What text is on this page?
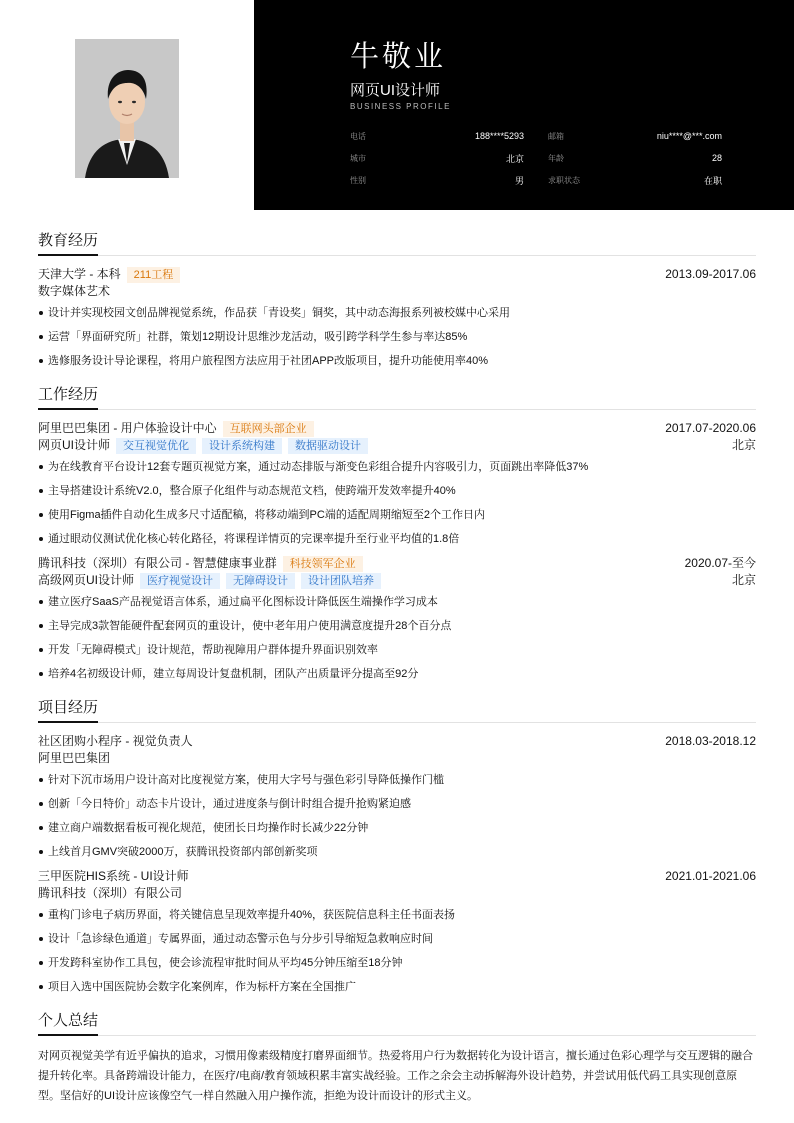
牛敬业
网页UI设计师
BUSINESS PROFILE
电话	188****5293	邮箱	niu****@***.com
城市	北京	年龄	28
性别	男	求职状态	在职
教育经历
天津大学 - 本科	211工程	2013.09-2017.06
数字媒体艺术
设计并实现校园文创品牌视觉系统，作品获「青设奖」铜奖，其中动态海报系列被校媒中心采用
运营「界面研究所」社群，策划12期设计思维沙龙活动，吸引跨学科学生参与率达85%
选修服务设计导论课程，将用户旅程图方法应用于社团APP改版项目，提升功能使用率40%
工作经历
阿里巴巴集团 - 用户体验设计中心	互联网头部企业	2017.07-2020.06
网页UI设计师	交互视觉优化	设计系统构建	数据驱动设计	北京
为在线教育平台设计12套专题页视觉方案，通过动态排版与渐变色彩组合提升内容吸引力，页面跳出率降低37%
主导搭建设计系统V2.0，整合原子化组件与动态规范文档，使跨端开发效率提升40%
使用Figma插件自动化生成多尺寸适配稿，将移动端到PC端的适配周期缩短至2个工作日内
通过眼动仪测试优化核心转化路径，将课程详情页的完课率提升至行业平均值的1.8倍
腾讯科技（深圳）有限公司 - 智慧健康事业群	科技领军企业	2020.07-至今
高级网页UI设计师	医疗视觉设计	无障碍设计	设计团队培养	北京
建立医疗SaaS产品视觉语言体系，通过扁平化图标设计降低医生端操作学习成本
主导完成3款智能硬件配套网页的重设计，使中老年用户使用满意度提升28个百分点
开发「无障碍模式」设计规范，帮助视障用户群体提升界面识别效率
培养4名初级设计师，建立每周设计复盘机制，团队产出质量评分提高至92分
项目经历
社区团购小程序 - 视觉负责人	2018.03-2018.12
阿里巴巴集团
针对下沉市场用户设计高对比度视觉方案，使用大字号与强色彩引导降低操作门槛
创新「今日特价」动态卡片设计，通过进度条与倒计时组合提升抢购紧迫感
建立商户端数据看板可视化规范，使团长日均操作时长减少22分钟
上线首月GMV突破2000万，获腾讯投资部内部创新奖项
三甲医院HIS系统 - UI设计师	2021.01-2021.06
腾讯科技（深圳）有限公司
重构门诊电子病历界面，将关键信息呈现效率提升40%，获医院信息科主任书面表扬
设计「急诊绿色通道」专属界面，通过动态警示色与分步引导缩短急救响应时间
开发跨科室协作工具包，使会诊流程审批时间从平均45分钟压缩至18分钟
项目入选中国医院协会数字化案例库，作为标杆方案在全国推广
个人总结
对网页视觉美学有近乎偏执的追求，习惯用像素级精度打磨界面细节。热爱将用户行为数据转化为设计语言，擅长通过色彩心理学与交互逻辑的融合提升转化率。具备跨端设计能力，在医疗/电商/教育领域积累丰富实战经验。工作之余会主动拆解海外设计趋势，并尝试用低代码工具实现创意原型。坚信好的UI设计应该像空气一样自然融入用户操作流，拒绝为设计而设计的形式主义。
